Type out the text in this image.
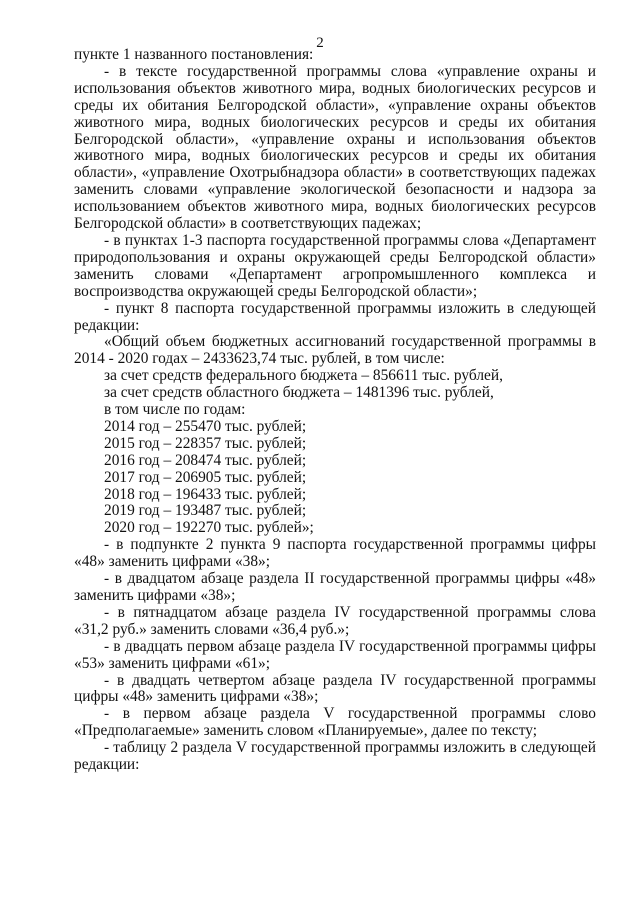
2

пункте 1 названного постановления:

- в тексте государственной программы слова «управление охраны и использования объектов животного мира, водных биологических ресурсов и среды их обитания Белгородской области», «управление охраны объектов животного мира, водных биологических ресурсов и среды их обитания Белгородской области», «управление охраны и использования объектов животного мира, водных биологических ресурсов и среды их обитания области», «управление Охотрыбнадзора области» в соответствующих падежах заменить словами «управление экологической безопасности и надзора за использованием объектов животного мира, водных биологических ресурсов Белгородской области» в соответствующих падежах;

- в пунктах 1-3 паспорта государственной программы слова «Департамент природопользования и охраны окружающей среды Белгородской области» заменить словами «Департамент агропромышленного комплекса и воспроизводства окружающей среды Белгородской области»;

- пункт 8 паспорта государственной программы изложить в следующей редакции:

«Общий объем бюджетных ассигнований государственной программы в 2014 - 2020 годах – 2433623,74 тыс. рублей, в том числе:

за счет средств федерального бюджета – 856611 тыс. рублей,

за счет средств областного бюджета – 1481396 тыс. рублей,

в том числе по годам:

2014 год – 255470 тыс. рублей;

2015 год – 228357 тыс. рублей;

2016 год – 208474 тыс. рублей;

2017 год – 206905 тыс. рублей;

2018 год – 196433 тыс. рублей;

2019 год – 193487 тыс. рублей;

2020 год – 192270 тыс. рублей»;

- в подпункте 2 пункта 9 паспорта государственной программы цифры «48» заменить цифрами «38»;

- в двадцатом абзаце раздела II государственной программы цифры «48» заменить цифрами «38»;

- в пятнадцатом абзаце раздела IV государственной программы слова «31,2 руб.» заменить словами «36,4 руб.»;

- в двадцать первом абзаце раздела IV государственной программы цифры «53» заменить цифрами «61»;

- в двадцать четвертом абзаце раздела IV государственной программы цифры «48» заменить цифрами «38»;

- в первом абзаце раздела V государственной программы слово «Предполагаемые» заменить словом «Планируемые», далее по тексту;

- таблицу 2 раздела V государственной программы изложить в следующей редакции:
